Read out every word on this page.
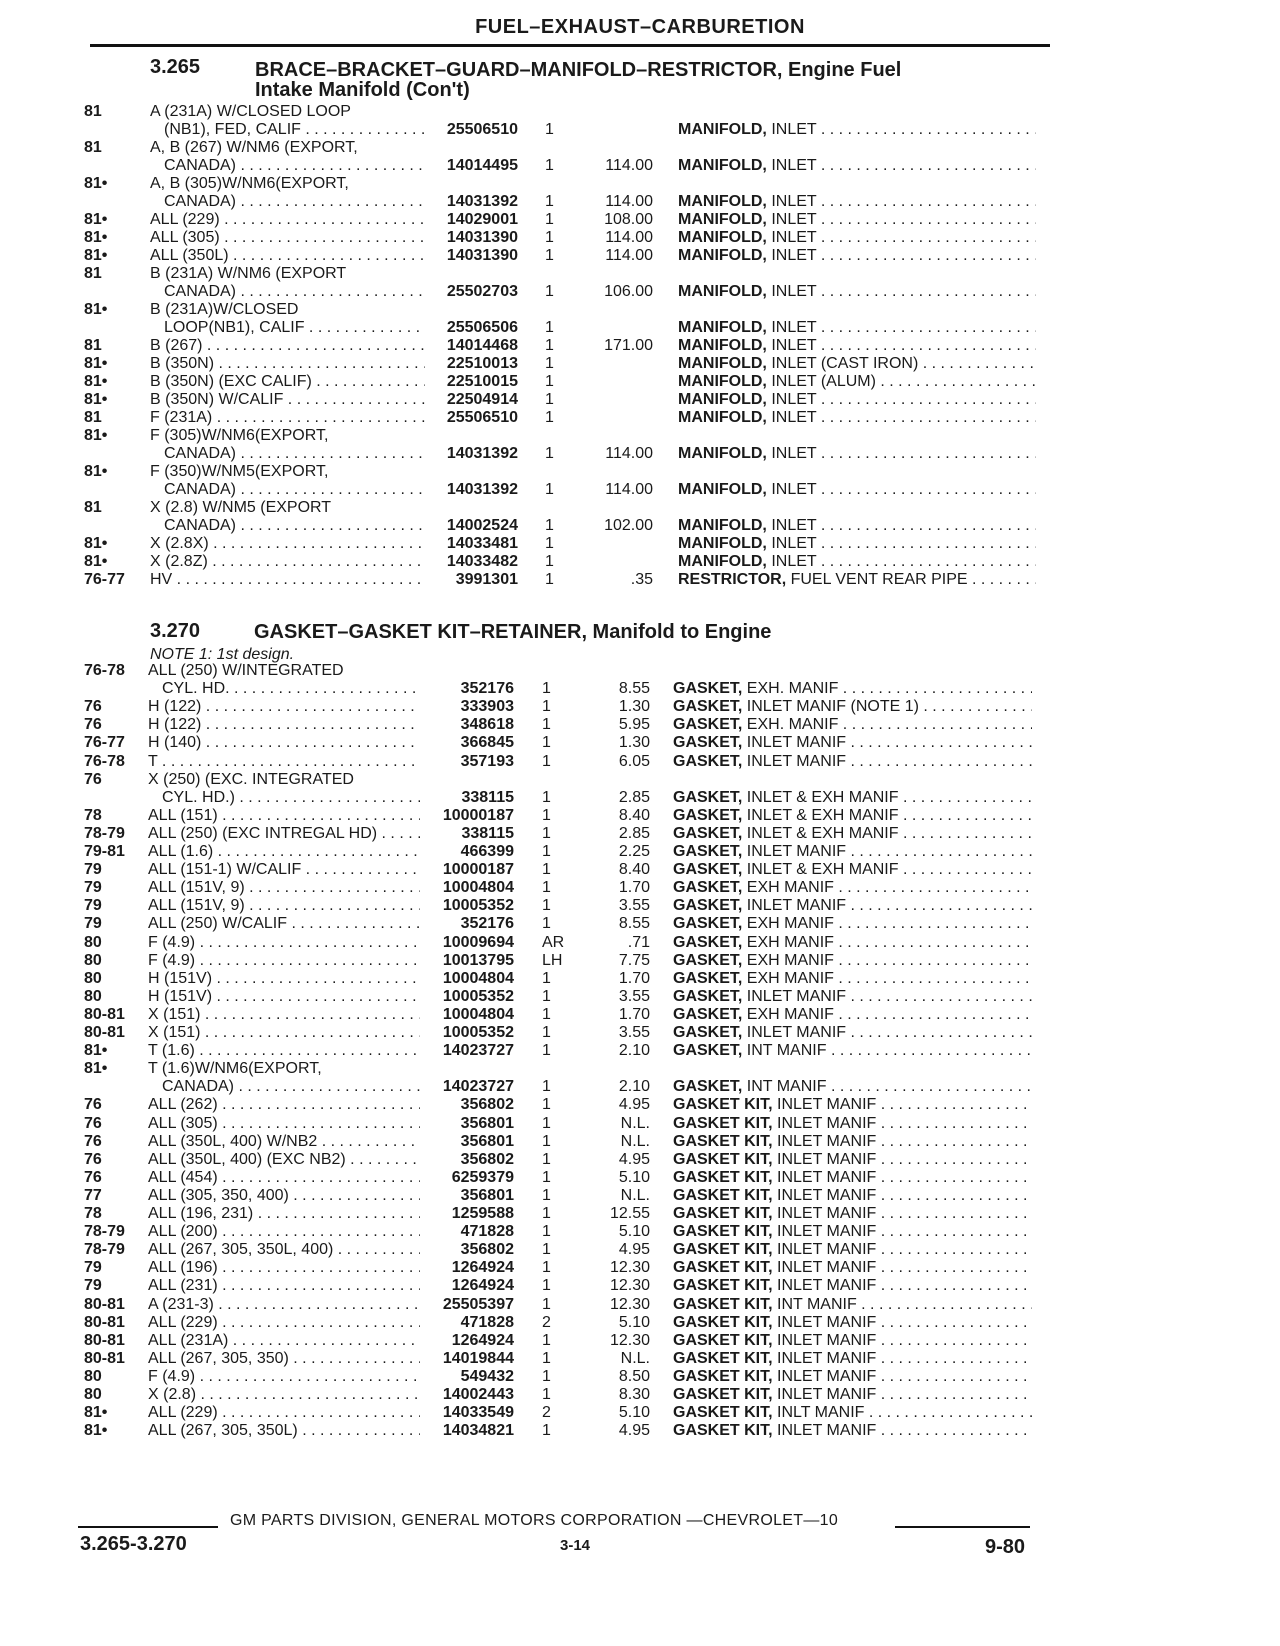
FUEL–EXHAUST–CARBURETION
3.265	BRACE–BRACKET–GUARD–MANIFOLD–RESTRICTOR, Engine Fuel
Intake Manifold (Con't)
81	A (231A) W/CLOSED LOOP
(NB1), FED, CALIF . . .	25506510 1	MANIFOLD, INLET . . .
81	A, B (267) W/NM6 (EXPORT,
CANADA) . . .	14014495 1	114.00 MANIFOLD, INLET . . .
81•	A, B (305)W/NM6(EXPORT,
CANADA) . . .	14031392 1	114.00 MANIFOLD, INLET . . .
81•	ALL (229) . . .	14029001 1	108.00 MANIFOLD, INLET . . .
81•	ALL (305) . . .	14031390 1	114.00 MANIFOLD, INLET . . .
81•	ALL (350L) . . .	14031390 1	114.00 MANIFOLD, INLET . . .
81	B (231A) W/NM6 (EXPORT
CANADA) . . .	25502703 1	106.00 MANIFOLD, INLET . . .
81•	B (231A)W/CLOSED
LOOP(NB1), CALIF . . .	25506506 1	MANIFOLD, INLET . . .
81	B (267) . . .	14014468 1	171.00 MANIFOLD, INLET . . .
81•	B (350N) . . .	22510013 1	MANIFOLD, INLET (CAST IRON) . . .
81•	B (350N) (EXC CALIF) . . .	22510015 1	MANIFOLD, INLET (ALUM) . . .
81•	B (350N) W/CALIF . . .	22504914 1	MANIFOLD, INLET . . .
81	F (231A) . . .	25506510 1	MANIFOLD, INLET . . .
81•	F (305)W/NM6(EXPORT,
CANADA) . . .	14031392 1	114.00 MANIFOLD, INLET . . .
81•	F (350)W/NM5(EXPORT,
CANADA) . . .	14031392 1	114.00 MANIFOLD, INLET . . .
81	X (2.8) W/NM5 (EXPORT
CANADA) . . .	14002524 1	102.00 MANIFOLD, INLET . . .
81•	X (2.8X) . . .	14033481 1	MANIFOLD, INLET . . .
81•	X (2.8Z) . . .	14033482 1	MANIFOLD, INLET . . .
76-77 HV . . .	3991301 1	.35 RESTRICTOR, FUEL VENT REAR PIPE . . .
76-78 ALL (250) W/INTEGRATED
CYL. HD. . . .	352176 1	8.55 GASKET, EXH. MANIF . . .
76	H (122) . . .	333903 1	1.30 GASKET, INLET MANIF (NOTE 1) . . .
76	H (122) . . .	348618 1	5.95 GASKET, EXH. MANIF . . .
76-77 H (140) . . .	366845 1	1.30 GASKET, INLET MANIF . . .
76-78 T . . .	357193 1	6.05 GASKET, INLET MANIF . . .
76	X (250) (EXC. INTEGRATED
CYL. HD.) . . .	338115 1	2.85 GASKET, INLET & EXH MANIF . . .
78	ALL (151) . . .	10000187 1	8.40 GASKET, INLET & EXH MANIF . . .
78-79 ALL (250) (EXC INTREGAL HD) . . .	338115 1	2.85 GASKET, INLET & EXH MANIF . . .
79-81 ALL (1.6) . . .	466399 1	2.25 GASKET, INLET MANIF . . .
79	ALL (151-1) W/CALIF . . .	10000187 1	8.40 GASKET, INLET & EXH MANIF . . .
79	ALL (151V, 9) . . .	10004804 1	1.70 GASKET, EXH MANIF . . .
79	ALL (151V, 9) . . .	10005352 1	3.55 GASKET, INLET MANIF . . .
79	ALL (250) W/CALIF . . .	352176 1	8.55 GASKET, EXH MANIF . . .
80	F (4.9) . . .	10009694 AR	.71 GASKET, EXH MANIF . . .
80	F (4.9) . . .	10013795 LH	7.75 GASKET, EXH MANIF . . .
80	H (151V) . . .	10004804 1	1.70 GASKET, EXH MANIF . . .
80	H (151V) . . .	10005352 1	3.55 GASKET, INLET MANIF . . .
80-81 X (151) . . .	10004804 1	1.70 GASKET, EXH MANIF . . .
80-81 X (151) . . .	10005352 1	3.55 GASKET, INLET MANIF . . .
81•	T (1.6) . . .	14023727 1	2.10 GASKET, INT MANIF . . .
81•	T (1.6)W/NM6(EXPORT,
CANADA) . . .	14023727 1	2.10 GASKET, INT MANIF . . .
76	ALL (262) . . .	356802 1	4.95 GASKET KIT, INLET MANIF . . .
76	ALL (305) . . .	356801 1	N.L. GASKET KIT, INLET MANIF . . .
76	ALL (350L, 400) W/NB2 . . .	356801 1	N.L. GASKET KIT, INLET MANIF . . .
76	ALL (350L, 400) (EXC NB2) . . .	356802 1	4.95 GASKET KIT, INLET MANIF . . .
76	ALL (454) . . .	6259379 1	5.10 GASKET KIT, INLET MANIF . . .
77	ALL (305, 350, 400) . . .	356801 1	N.L. GASKET KIT, INLET MANIF . . .
78	ALL (196, 231) . . .	1259588 1	12.55 GASKET KIT, INLET MANIF . . .
78-79 ALL (200) . . .	471828 1	5.10 GASKET KIT, INLET MANIF . . .
78-79 ALL (267, 305, 350L, 400) . . .	356802 1	4.95 GASKET KIT, INLET MANIF . . .
79	ALL (196) . . .	1264924 1	12.30 GASKET KIT, INLET MANIF . . .
79	ALL (231) . . .	1264924 1	12.30 GASKET KIT, INLET MANIF . . .
80-81 A (231-3) . . .	25505397 1	12.30 GASKET KIT, INT MANIF . . .
80-81 ALL (229) . . .	471828 2	5.10 GASKET KIT, INLET MANIF . . .
80-81 ALL (231A) . . .	1264924 1	12.30 GASKET KIT, INLET MANIF . . .
80-81 ALL (267, 305, 350) . . .	14019844 1	N.L. GASKET KIT, INLET MANIF . . .
80	F (4.9) . . .	549432 1	8.50 GASKET KIT, INLET MANIF . . .
80	X (2.8) . . .	14002443 1	8.30 GASKET KIT, INLET MANIF . . .
81•	ALL (229) . . .	14033549 2	5.10 GASKET KIT, INLT MANIF . . .
81•	ALL (267, 305, 350L) . . .	14034821 1	4.95 GASKET KIT, INLET MANIF . . .
3.270	GASKET–GASKET KIT–RETAINER, Manifold to Engine
NOTE 1: 1st design.
GM PARTS DIVISION, GENERAL MOTORS CORPORATION —CHEVROLET—10
3.265-3.270	3-14	9-80
